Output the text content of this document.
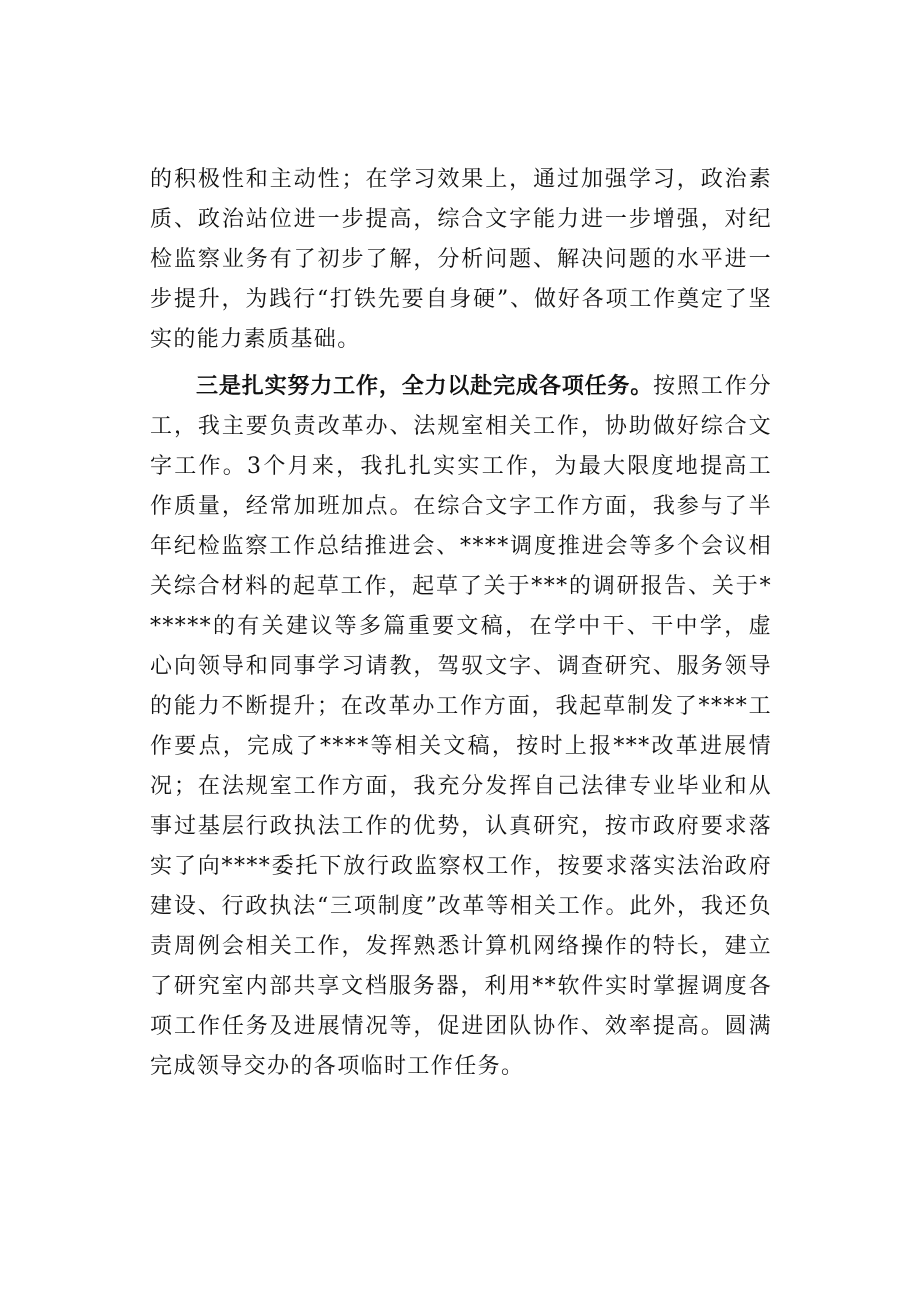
的积极性和主动性；在学习效果上，通过加强学习，政治素质、政治站位进一步提高，综合文字能力进一步增强，对纪检监察业务有了初步了解，分析问题、解决问题的水平进一步提升，为践行“打铁先要自身硬”、做好各项工作奠定了坚实的能力素质基础。

三是扎实努力工作，全力以赴完成各项任务。按照工作分工，我主要负责改革办、法规室相关工作，协助做好综合文字工作。3个月来，我扎扎实实工作，为最大限度地提高工作质量，经常加班加点。在综合文字工作方面，我参与了半年纪检监察工作总结推进会、****调度推进会等多个会议相关综合材料的起草工作，起草了关于***的调研报告、关于******的有关建议等多篇重要文稿，在学中干、干中学，虚心向领导和同事学习请教，驾驭文字、调查研究、服务领导的能力不断提升；在改革办工作方面，我起草制发了****工作要点，完成了****等相关文稿，按时上报***改革进展情况；在法规室工作方面，我充分发挥自己法律专业毕业和从事过基层行政执法工作的优势，认真研究，按市政府要求落实了向****委托下放行政监察权工作，按要求落实法治政府建设、行政执法“三项制度”改革等相关工作。此外，我还负责周例会相关工作，发挥熟悉计算机网络操作的特长，建立了研究室内部共享文档服务器，利用**软件实时掌握调度各项工作任务及进展情况等，促进团队协作、效率提高。圆满完成领导交办的各项临时工作任务。
